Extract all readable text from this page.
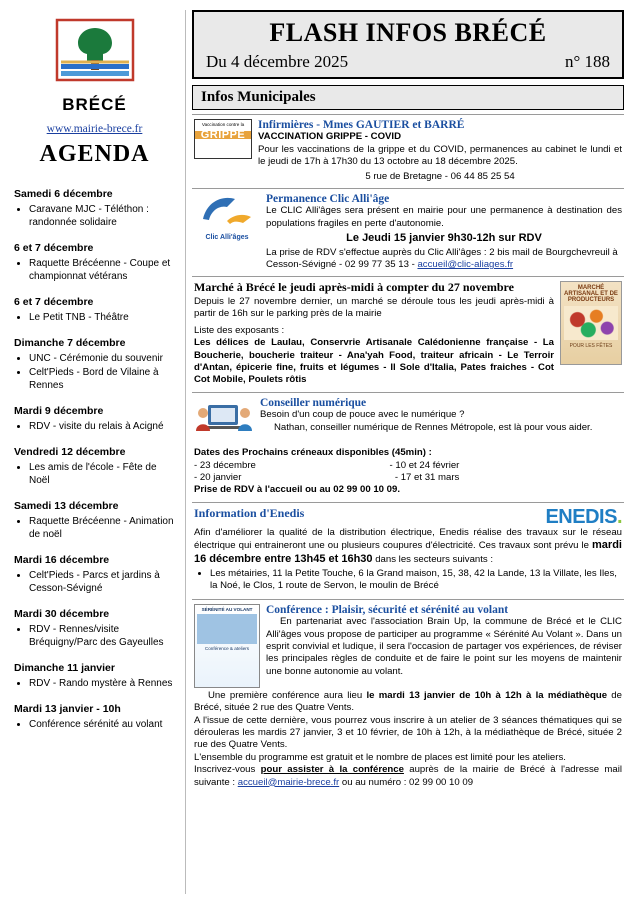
BRÉCÉ
www.mairie-brece.fr
AGENDA
Samedi 6 décembre
• Caravane MJC - Téléthon : randonnée solidaire
6 et 7 décembre
• Raquette Brécéenne - Coupe et championnat vétérans
6 et 7 décembre
• Le Petit TNB - Théâtre
Dimanche 7 décembre
• UNC - Cérémonie du souvenir
• Celt'Pieds - Bord de Vilaine à Rennes
Mardi 9 décembre
• RDV - visite du relais à Acigné
Vendredi 12 décembre
• Les amis de l'école - Fête de Noël
Samedi 13 décembre
• Raquette Brécéenne - Animation de noël
Mardi 16 décembre
• Celt'Pieds - Parcs et jardins à Cesson-Sévigné
Mardi 30 décembre
• RDV - Rennes/visite Bréquigny/Parc des Gayeulles
Dimanche 11 janvier
• RDV - Rando mystère à Rennes
Mardi 13 janvier - 10h
• Conférence sérénité au volant
FLASH INFOS BRÉCÉ
Du 4 décembre 2025	n° 188
Infos Municipales
Vaccination contre la
GRIPPE
Infirmières - Mmes GAUTIER et BARRÉ
VACCINATION GRIPPE - COVID
Pour les vaccinations de la grippe et du COVID, permanences au cabinet le lundi et le jeudi de 17h à 17h30 du 13 octobre au 18 décembre 2025.
5 rue de Bretagne - 06 44 85 25 54
Clic Alli'âges
Permanence Clic Alli'âge
Le CLIC Alli'âges sera présent en mairie pour une permanence à destination des populations fragiles en perte d'autonomie.
Le Jeudi 15 janvier 9h30-12h sur RDV
La prise de RDV s'effectue auprès du Clic Alli'âges : 2 bis mail de Bourgchevreuil à Cesson-Sévigné - 02 99 77 35 13 - accueil@clic-aliages.fr
MARCHÉ ARTISANAL ET DE PRODUCTEURS
POUR LES FÊTES
Marché à Brécé le jeudi après-midi à compter du 27 novembre
Depuis le 27 novembre dernier, un marché se déroule tous les jeudi après-midi à partir de 16h sur le parking près de la mairie
Liste des exposants :
Les délices de Laulau, Conservrie Artisanale Calédonienne française - La Boucherie, boucherie traiteur - Ana'yah Food, traiteur africain - Le Terroir d'Antan, épicerie fine, fruits et légumes - Il Sole d'Italia, Pates fraiches - Cot Cot Mobile, Poulets rôtis
Conseiller numérique
Besoin d'un coup de pouce avec le numérique ?
Nathan, conseiller numérique de Rennes Métropole, est là pour vous aider.
Dates des Prochains créneaux disponibles (45min) :
- 23 décembre	- 10 et 24 février
- 20 janvier	- 17 et 31 mars
Prise de RDV à l'accueil ou au 02 99 00 10 09.
Information d'Enedis	ENEDIS.
Afin d'améliorer la qualité de la distribution électrique, Enedis réalise des travaux sur le réseau électrique qui entraineront une ou plusieurs coupures d'électricité. Ces travaux sont prévu le mardi 16 décembre entre 13h45 et 16h30 dans les secteurs suivants :
• Les métairies, 11 la Petite Touche, 6 la Grand maison, 15, 38, 42 la Lande, 13 la Villate, les Iles, la Noé, le Clos, 1 route de Servon, le moulin de Brécé
SÉRÉNITÉ AU VOLANT
Conférence & ateliers
Conférence : Plaisir, sécurité et sérénité au volant
En partenariat avec l'association Brain Up, la commune de Brécé et le CLIC Alli'âges vous propose de participer au programme « Sérénité Au Volant ». Dans un esprit convivial et ludique, il sera l'occasion de partager vos expériences, de réviser les principales règles de conduite et de faire le point sur les moyens de maintenir une bonne autonomie au volant.
Une première conférence aura lieu le mardi 13 janvier de 10h à 12h à la médiathèque de Brécé, située 2 rue des Quatre Vents.
A l'issue de cette dernière, vous pourrez vous inscrire à un atelier de 3 séances thématiques qui se dérouleras les mardis 27 janvier, 3 et 10 février, de 10h à 12h, à la médiathèque de Brécé, située 2 rue des Quatre Vents.
L'ensemble du programme est gratuit et le nombre de places est limité pour les ateliers.
Inscrivez-vous pour assister à la conférence auprès de la mairie de Brécé à l'adresse mail suivante : accueil@mairie-brece.fr ou au numéro : 02 99 00 10 09
